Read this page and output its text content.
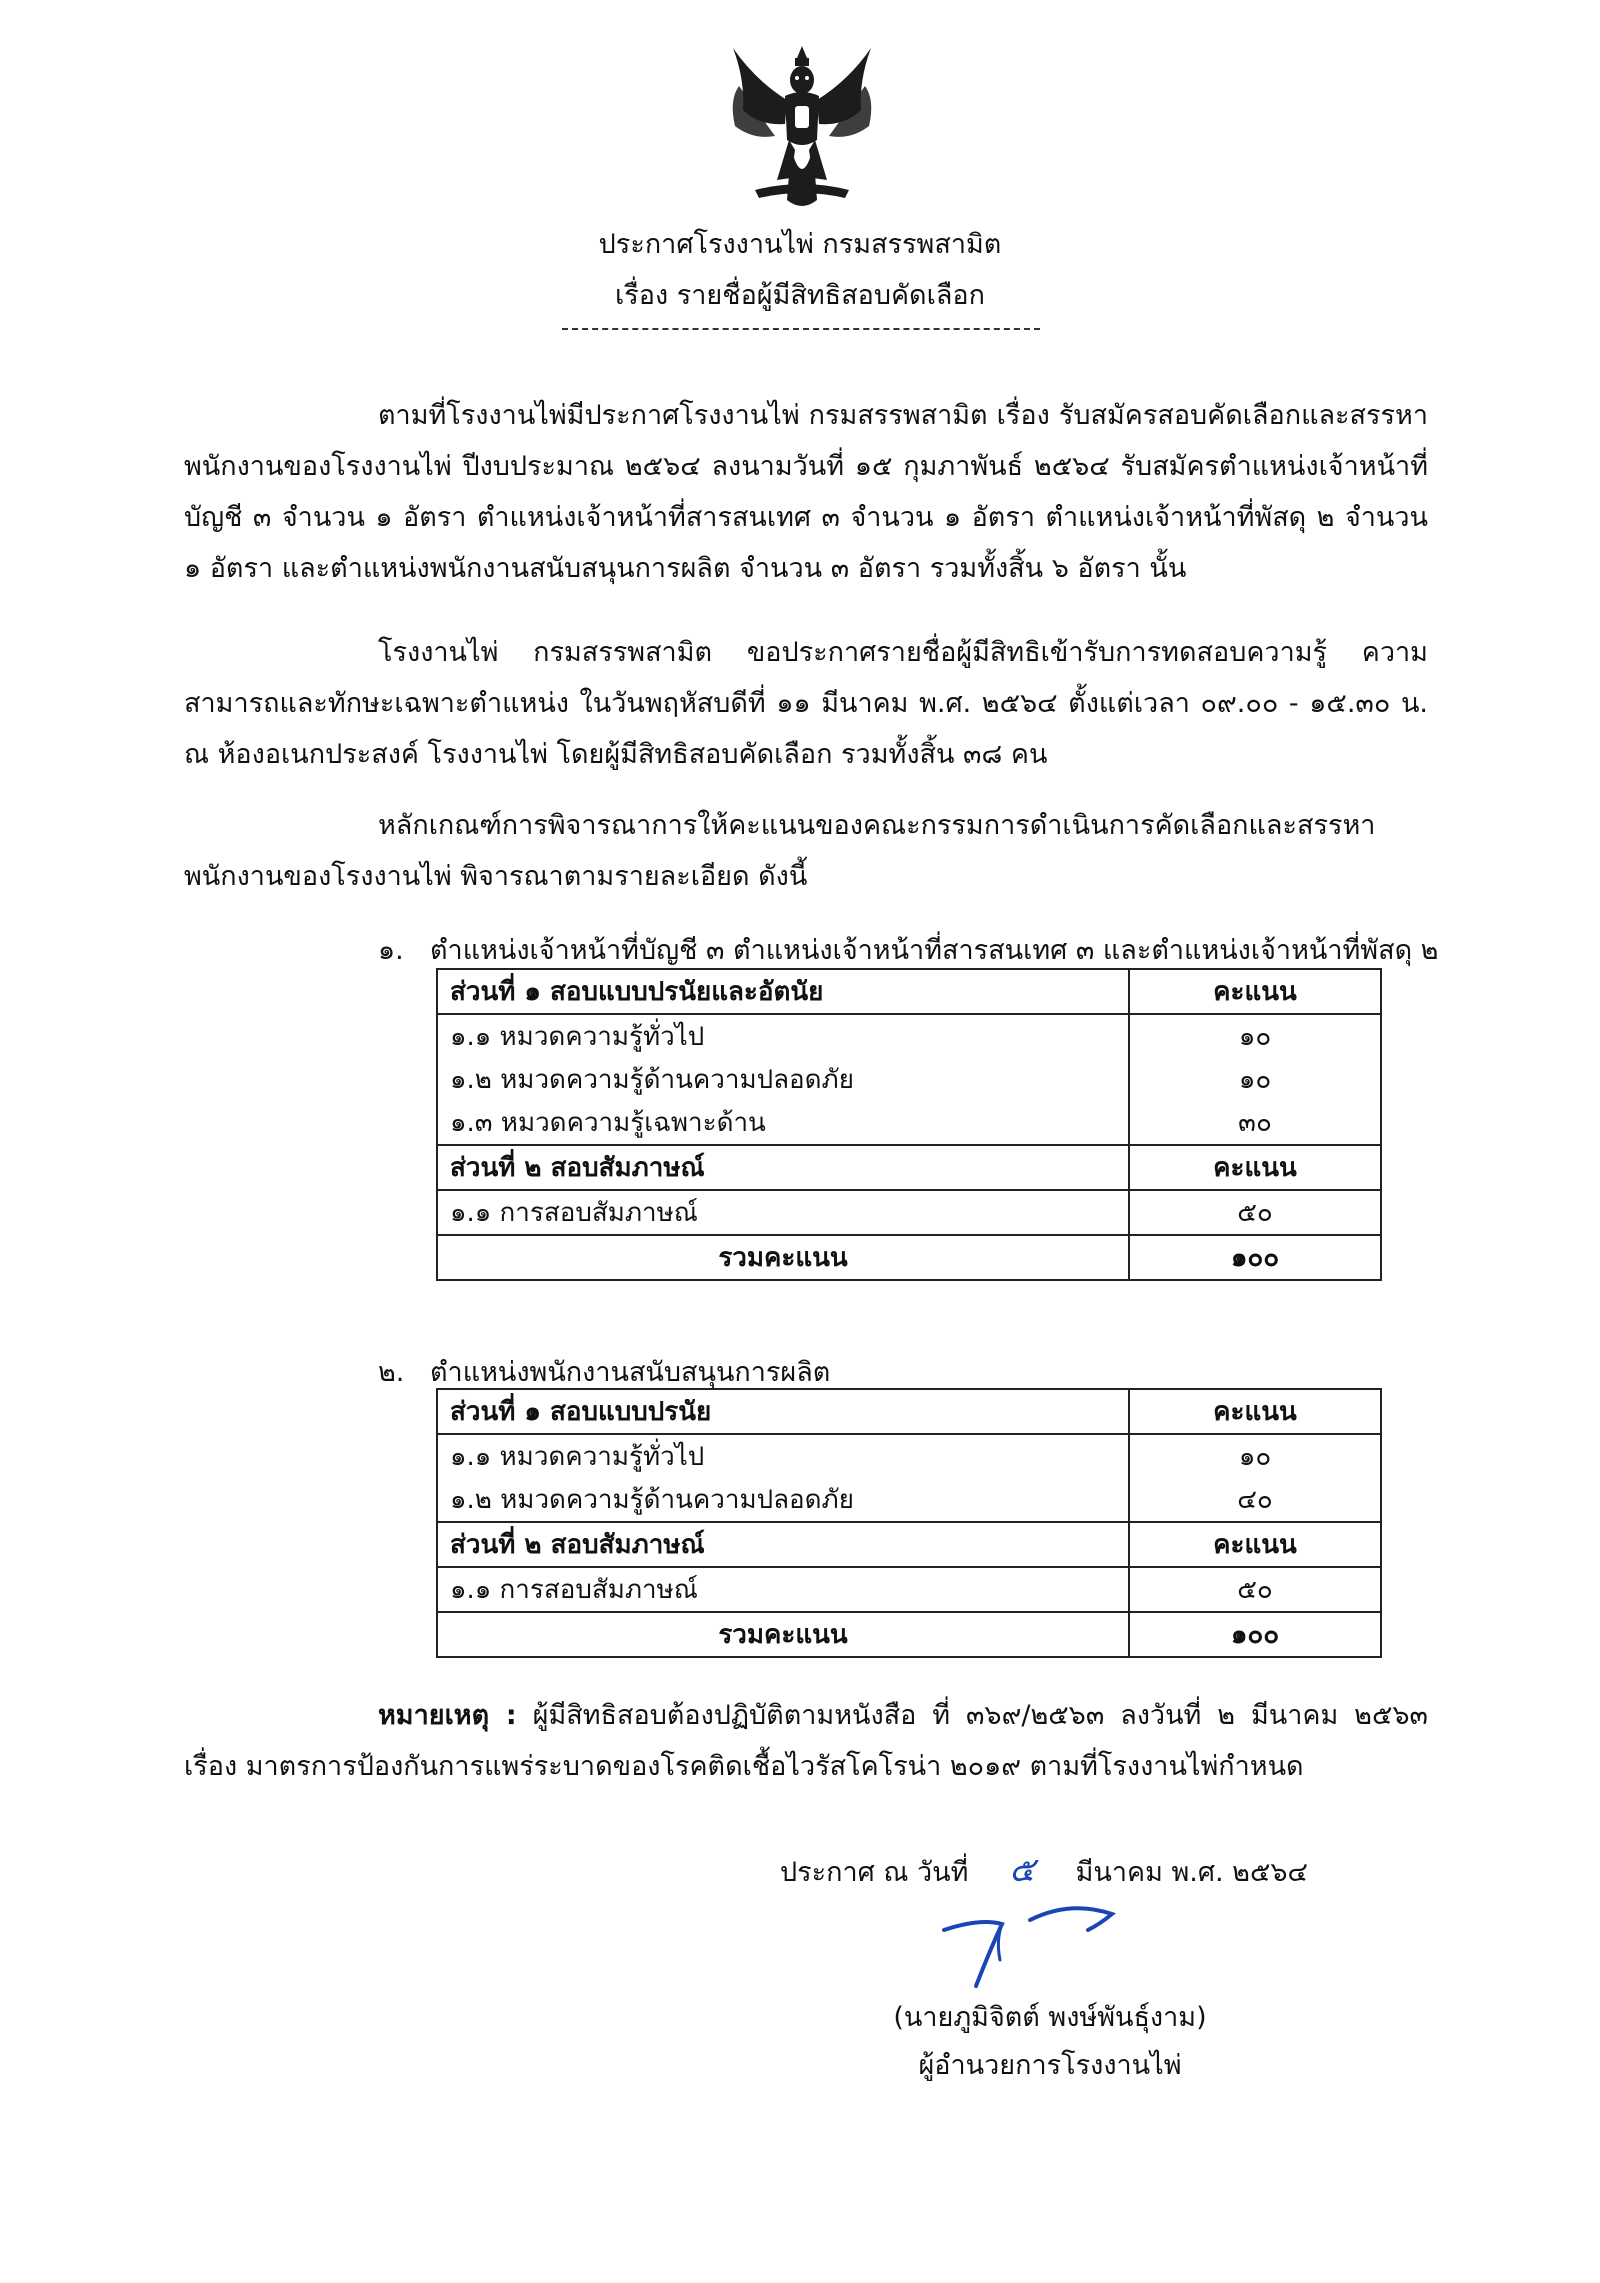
ประกาศโรงงานไพ่ กรมสรรพสามิต
เรื่อง รายชื่อผู้มีสิทธิสอบคัดเลือก

ตามที่โรงงานไพ่มีประกาศโรงงานไพ่ กรมสรรพสามิต เรื่อง รับสมัครสอบคัดเลือกและสรรหาพนักงานของโรงงานไพ่ ปีงบประมาณ ๒๕๖๔ ลงนามวันที่ ๑๕ กุมภาพันธ์ ๒๕๖๔ รับสมัครตำแหน่งเจ้าหน้าที่บัญชี ๓ จำนวน ๑ อัตรา ตำแหน่งเจ้าหน้าที่สารสนเทศ ๓ จำนวน ๑ อัตรา ตำแหน่งเจ้าหน้าที่พัสดุ ๒ จำนวน ๑ อัตรา และตำแหน่งพนักงานสนับสนุนการผลิต จำนวน ๓ อัตรา รวมทั้งสิ้น ๖ อัตรา นั้น

โรงงานไพ่ กรมสรรพสามิต ขอประกาศรายชื่อผู้มีสิทธิเข้ารับการทดสอบความรู้ ความสามารถและทักษะเฉพาะตำแหน่ง ในวันพฤหัสบดีที่ ๑๑ มีนาคม พ.ศ. ๒๕๖๔ ตั้งแต่เวลา ๐๙.๐๐ - ๑๕.๓๐ น. ณ ห้องอเนกประสงค์ โรงงานไพ่ โดยผู้มีสิทธิสอบคัดเลือก รวมทั้งสิ้น ๓๘ คน

หลักเกณฑ์การพิจารณาการให้คะแนนของคณะกรรมการดำเนินการคัดเลือกและสรรหาพนักงานของโรงงานไพ่ พิจารณาตามรายละเอียด ดังนี้

๑. ตำแหน่งเจ้าหน้าที่บัญชี ๓ ตำแหน่งเจ้าหน้าที่สารสนเทศ ๓ และตำแหน่งเจ้าหน้าที่พัสดุ ๒
ส่วนที่ ๑ สอบแบบปรนัยและอัตนัย	คะแนน
๑.๑ หมวดความรู้ทั่วไป	๑๐
๑.๒ หมวดความรู้ด้านความปลอดภัย	๑๐
๑.๓ หมวดความรู้เฉพาะด้าน	๓๐
ส่วนที่ ๒ สอบสัมภาษณ์	คะแนน
๑.๑ การสอบสัมภาษณ์	๕๐
รวมคะแนน	๑๐๐
๒. ตำแหน่งพนักงานสนับสนุนการผลิต
ส่วนที่ ๑ สอบแบบปรนัย	คะแนน
๑.๑ หมวดความรู้ทั่วไป	๑๐
๑.๒ หมวดความรู้ด้านความปลอดภัย	๔๐
ส่วนที่ ๒ สอบสัมภาษณ์	คะแนน
๑.๑ การสอบสัมภาษณ์	๕๐
รวมคะแนน	๑๐๐

หมายเหตุ : ผู้มีสิทธิสอบต้องปฏิบัติตามหนังสือ ที่ ๓๖๙/๒๕๖๓ ลงวันที่ ๒ มีนาคม ๒๕๖๓ เรื่อง มาตรการป้องกันการแพร่ระบาดของโรคติดเชื้อไวรัสโคโรน่า ๒๐๑๙ ตามที่โรงงานไพ่กำหนด

ประกาศ ณ วันที่ ๕ มีนาคม พ.ศ. ๒๕๖๔
(นายภูมิจิตต์ พงษ์พันธุ์งาม)
ผู้อำนวยการโรงงานไพ่
